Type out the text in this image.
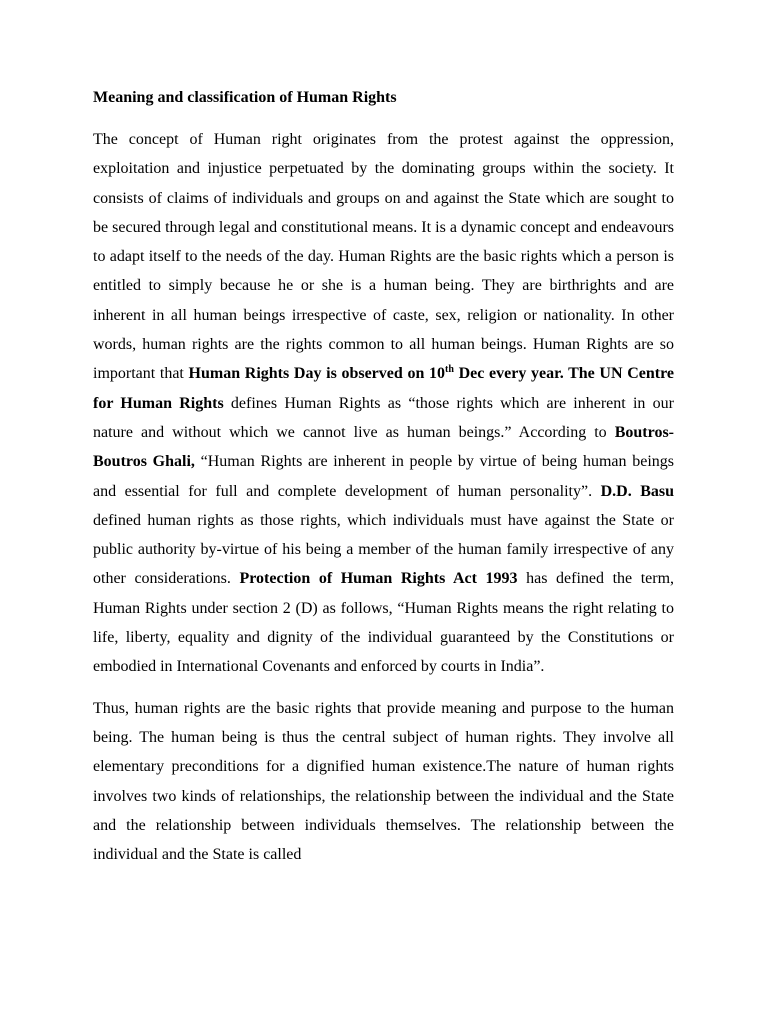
Meaning and classification of Human Rights

The concept of Human right originates from the protest against the oppression, exploitation and injustice perpetuated by the dominating groups within the society. It consists of claims of individuals and groups on and against the State which are sought to be secured through legal and constitutional means. It is a dynamic concept and endeavours to adapt itself to the needs of the day. Human Rights are the basic rights which a person is entitled to simply because he or she is a human being. They are birthrights and are inherent in all human beings irrespective of caste, sex, religion or nationality. In other words, human rights are the rights common to all human beings. Human Rights are so important that Human Rights Day is observed on 10th Dec every year. The UN Centre for Human Rights defines Human Rights as “those rights which are inherent in our nature and without which we cannot live as human beings.” According to Boutros-Boutros Ghali, “Human Rights are inherent in people by virtue of being human beings and essential for full and complete development of human personality”. D.D. Basu defined human rights as those rights, which individuals must have against the State or public authority by-virtue of his being a member of the human family irrespective of any other considerations. Protection of Human Rights Act 1993 has defined the term, Human Rights under section 2 (D) as follows, “Human Rights means the right relating to life, liberty, equality and dignity of the individual guaranteed by the Constitutions or embodied in International Covenants and enforced by courts in India”.

Thus, human rights are the basic rights that provide meaning and purpose to the human being. The human being is thus the central subject of human rights. They involve all elementary preconditions for a dignified human existence.The nature of human rights involves two kinds of relationships, the relationship between the individual and the State and the relationship between individuals themselves. The relationship between the individual and the State is called
